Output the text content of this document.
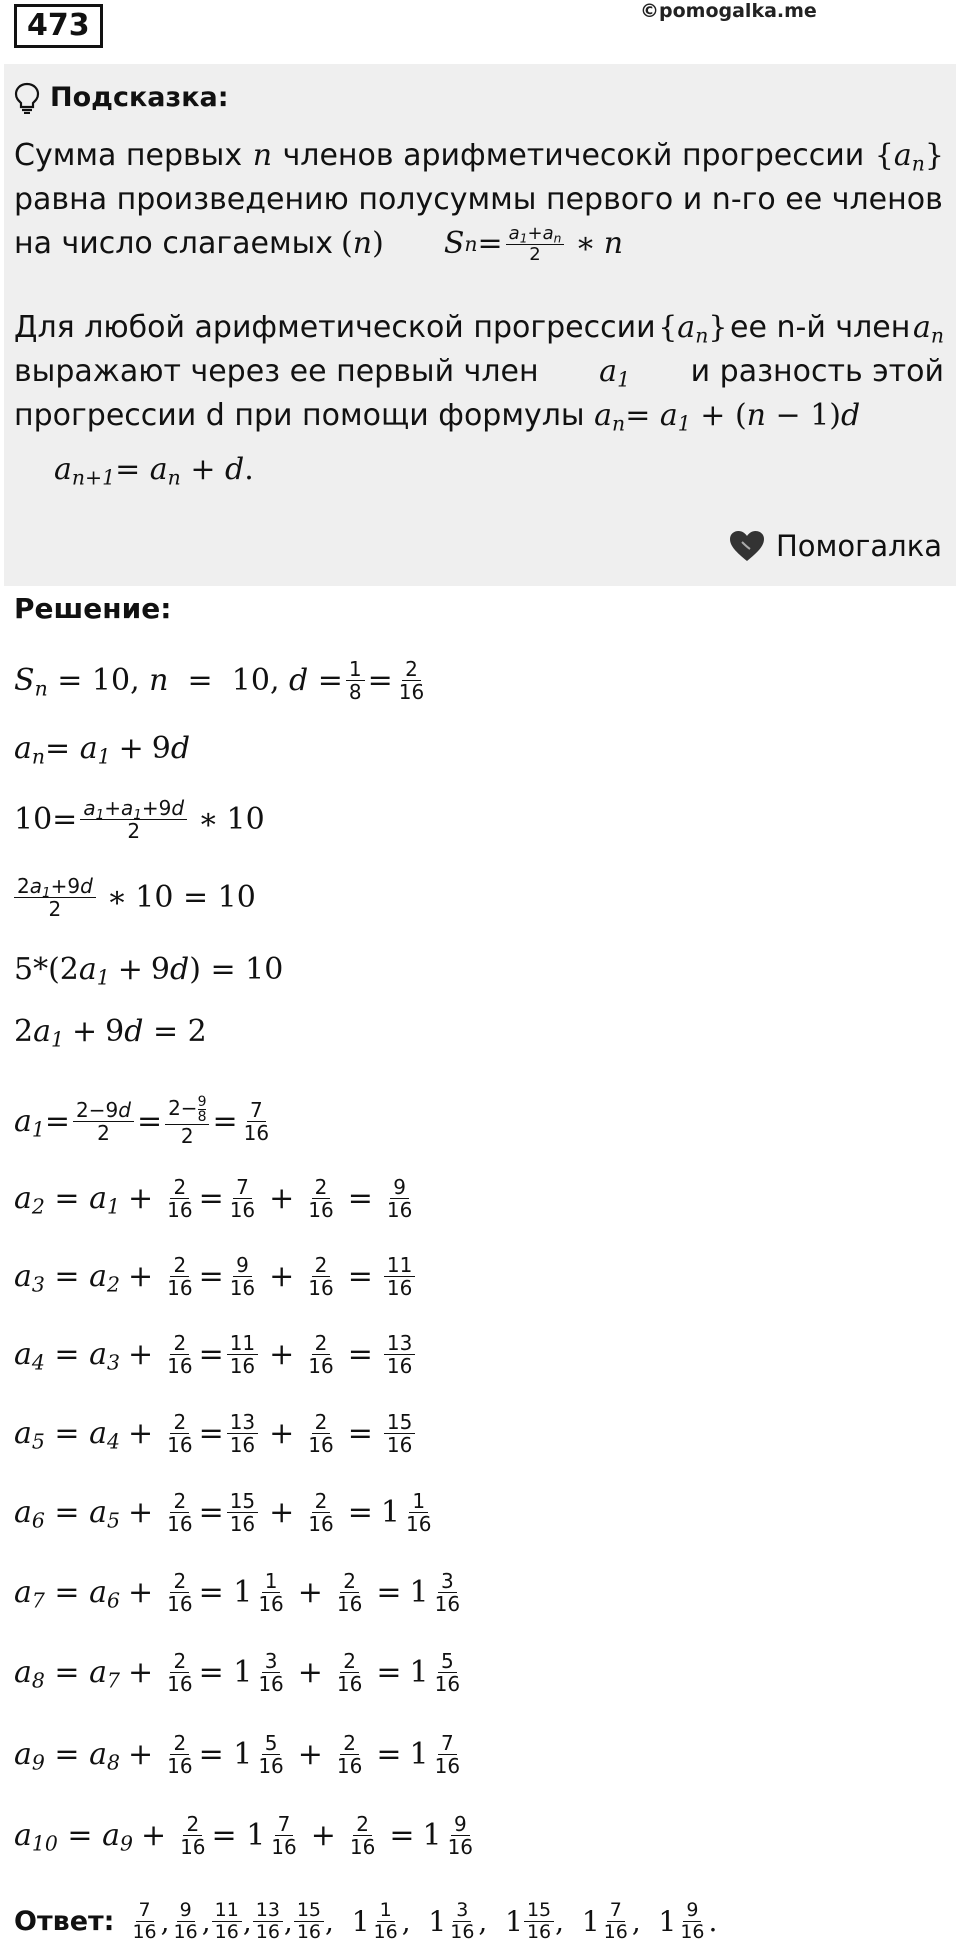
473	©pomogalka.me
Подсказка:
Сумма первых n членов арифметичесокй прогрессии $\{a_n\}$
равна произведению полусуммы первого и n-го ее членов
на число слагаемых (n) S $n = \frac{a_1+a_n}{2}$ ∗ n
Для любой арифметической прогрессии $\{a_n\}$ ее n-й член $a_n$
выражают через ее первый член $a_1$ и разность этой
прогрессии d при помощи формулы $a_n= a_1 + (n - 1)d$
$a_{n+1}= a_n + d$.
Помогалка
Решение:
$S_n = 10$, n =  10, $d = \frac{1}{8} = \frac{2}{16}$
$a_n = a_1 + 9$ d
$10= \frac{a_1+a_1+9d}{2}$ ∗ 10
$\frac{2a_1+9d}{2}$ ∗ 10 = 10
5*(2 $a_1 + 9$ d ) = 10
2 $a_1 + 9$ d = 2
$a_1 = \frac{2-9d}{2} = \frac{2- \frac{9}{8}}{2} = \frac{7}{16}$
$a_2 = a_1 + \frac{2}{16} = \frac{7}{16} + \frac{2}{16} = \frac{9}{16}$
$a_3 = a_2 + \frac{2}{16} = \frac{9}{16} + \frac{2}{16} = \frac{11}{16}$
$a_4 = a_3 + \frac{2}{16} = \frac{11}{16} + \frac{2}{16} = \frac{13}{16}$
$a_5 = a_4 + \frac{2}{16} = \frac{13}{16} + \frac{2}{16} = \frac{15}{16}$
$a_6 = a_5 + \frac{2}{16} = \frac{15}{16} + \frac{2}{16} = 1 \frac{1}{16}$
$a_7 = a_6 + \frac{2}{16} = 1 \frac{1}{16} + \frac{2}{16} = 1 \frac{3}{16}$
$a_8 = a_7 + \frac{2}{16} = 1 \frac{3}{16} + \frac{2}{16} = 1 \frac{5}{16}$
$a_9 = a_8 + \frac{2}{16} = 1 \frac{5}{16} + \frac{2}{16} = 1 \frac{7}{16}$
$a_{10} = a_9 + \frac{2}{16} = 1 \frac{7}{16} + \frac{2}{16} = 1 \frac{9}{16}$
Ответ: $\frac{7}{16}$ , $\frac{9}{16}$ , $\frac{11}{16}$ , $\frac{13}{16}$ , $\frac{15}{16}$ ,  $1 \frac{1}{16}$ ,  $1 \frac{3}{16}$ ,  $1 \frac{15}{16}$ ,  $1 \frac{7}{16}$ ,  $1 \frac{9}{16}$ .
